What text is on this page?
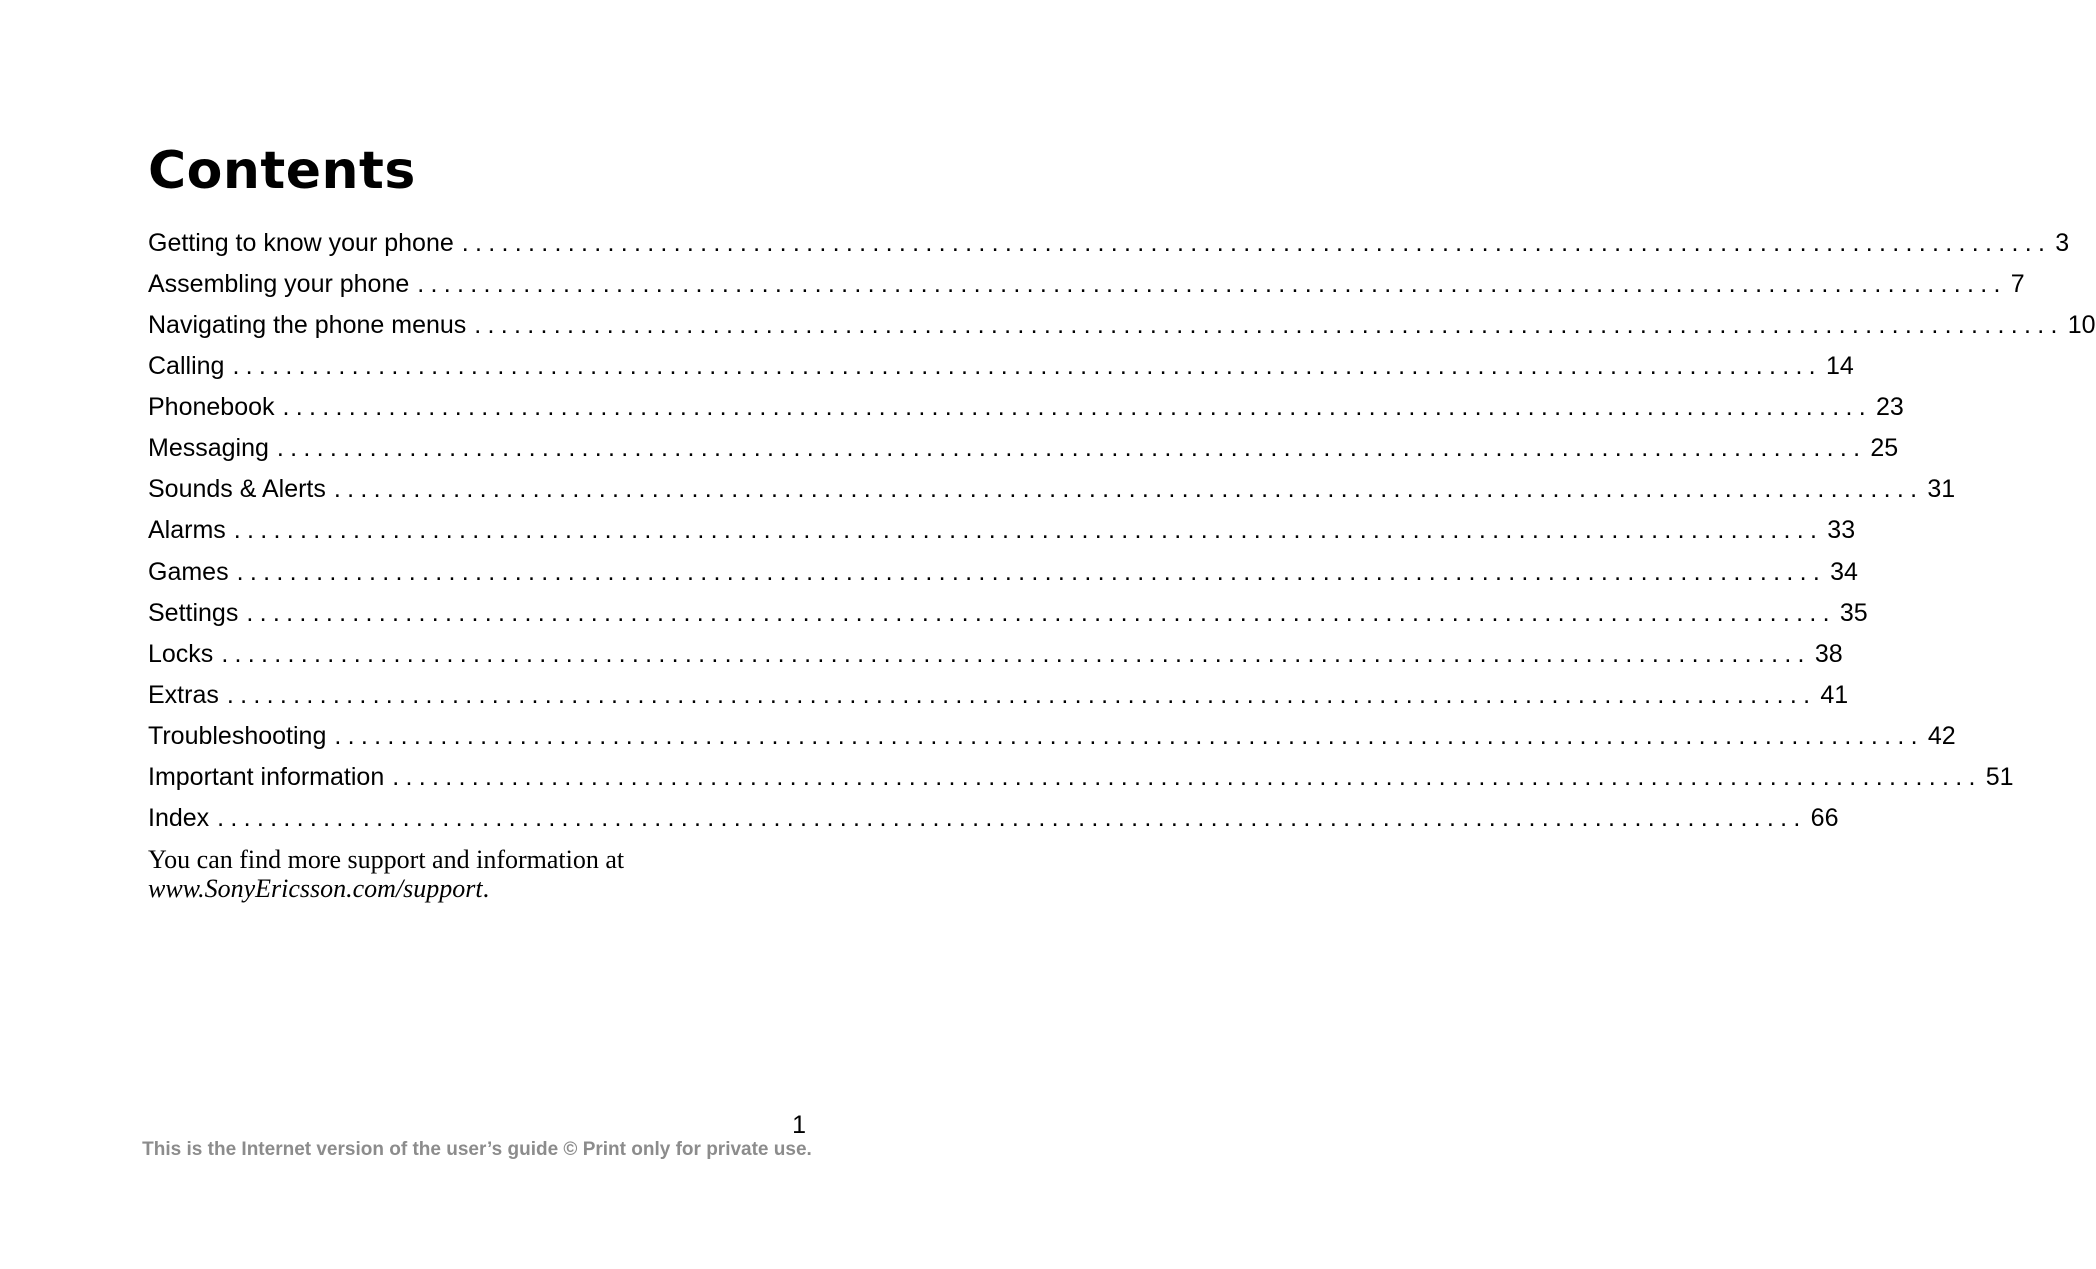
Contents
Getting to know your phone ........................................................................................................................ 3
Assembling your phone ........................................................................................................................ 7
Navigating the phone menus ........................................................................................................................ 10
Calling ........................................................................................................................ 14
Phonebook ........................................................................................................................ 23
Messaging ........................................................................................................................ 25
Sounds & Alerts ........................................................................................................................ 31
Alarms ........................................................................................................................ 33
Games ........................................................................................................................ 34
Settings ........................................................................................................................ 35
Locks ........................................................................................................................ 38
Extras ........................................................................................................................ 41
Troubleshooting ........................................................................................................................ 42
Important information ........................................................................................................................ 51
Index ........................................................................................................................ 66
You can find more support and information at
www.SonyEricsson.com/support.
1
This is the Internet version of the user’s guide © Print only for private use.
